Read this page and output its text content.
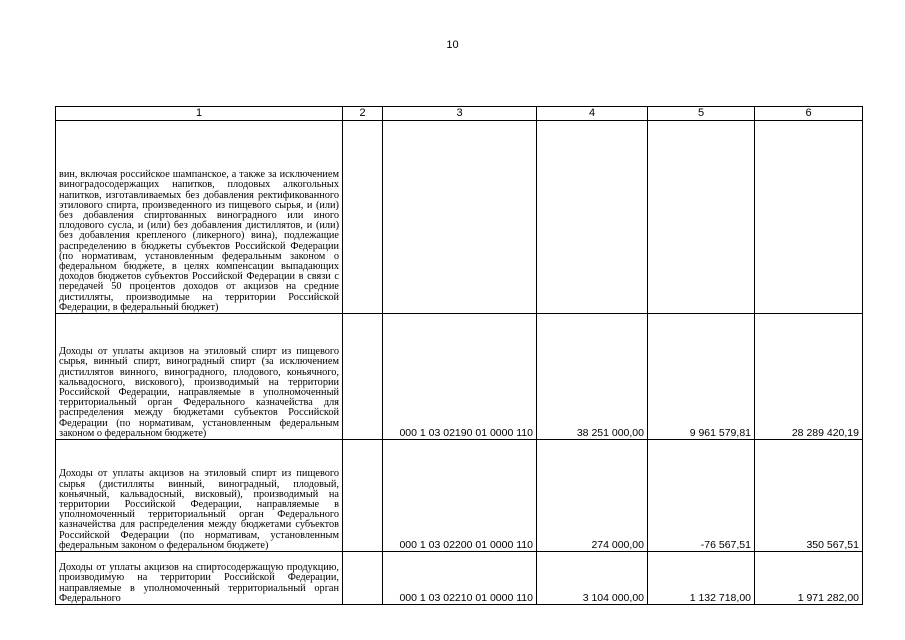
10
1	2	3	4	5	6
вин, включая российское шампанское, а также за исключением виноградосодержащих напитков, плодовых алкогольных напитков, изготавливаемых без добавления ректификованного этилового спирта, произведенного из пищевого сырья, и (или) без добавления спиртованных виноградного или иного плодового сусла, и (или) без добавления дистиллятов, и (или) без добавления крепленого (ликерного) вина), подлежащие распределению в бюджеты субъектов Российской Федерации (по нормативам, установленным федеральным законом о федеральном бюджете, в целях компенсации выпадающих доходов бюджетов субъектов Российской Федерации в связи с передачей 50 процентов доходов от акцизов на средние дистилляты, производимые на территории Российской Федерации, в федеральный бюджет)					
Доходы от уплаты акцизов на этиловый спирт из пищевого сырья, винный спирт, виноградный спирт (за исключением дистиллятов винного, виноградного, плодового, коньячного, кальвадосного, вискового), производимый на территории Российской Федерации, направляемые в уполномоченный территориальный орган Федерального казначейства для распределения между бюджетами субъектов Российской Федерации (по нормативам, установленным федеральным законом о федеральном бюджете)		000 1 03 02190 01 0000 110	38 251 000,00	9 961 579,81	28 289 420,19
Доходы от уплаты акцизов на этиловый спирт из пищевого сырья (дистилляты винный, виноградный, плодовый, коньячный, кальвадосный, висковый), производимый на территории Российской Федерации, направляемые в уполномоченный территориальный орган Федерального казначейства для распределения между бюджетами субъектов Российской Федерации (по нормативам, установленным федеральным законом о федеральном бюджете)		000 1 03 02200 01 0000 110	274 000,00	-76 567,51	350 567,51
Доходы от уплаты акцизов на спиртосодержащую продукцию, производимую на территории Российской Федерации, направляемые в уполномоченный территориальный орган Федерального		000 1 03 02210 01 0000 110	3 104 000,00	1 132 718,00	1 971 282,00
